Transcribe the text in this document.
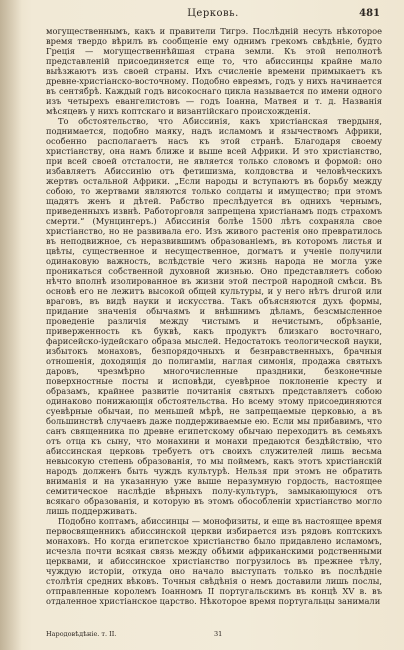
Церковь.	481

могущественнымъ, какъ и правители Тигрэ. Послѣдній несуть нѣкоторое время твердо вѣрилъ въ сообщеніе ему однимъ грекомъ свѣдѣніе, будто Греція — могущественнѣйшая страна земли. Къ этой неполнотѣ представленій присоединяется еще то, что абиссинцы крайне мало выѣзжаютъ изъ своей страны. Ихъ счисленіе времени примыкаетъ къ древне-христіанско-восточному. Подобно евреямъ, годъ у нихъ начинается въ сентябрѣ. Каждый годъ високоснаго цикла называется по имени одного изъ четырехъ евангелистовъ — годъ Іоанна, Матвея и т. д. Названія мѣсяцевъ у нихъ коптскаго и византійскаго происхожденія.

То обстоятельство, что Абиссинія, какъ христіанская твердыня, поднимается, подобно маяку, надъ исламомъ и язычествомъ Африки, особенно располагаетъ насъ къ этой странѣ. Благодаря своему христіанству, она намъ ближе и выше всей Африки. И это христіанство, при всей своей отсталости, не является только словомъ и формой: оно избавляетъ Абиссинію отъ фетишизма, колдовства и человѣческихъ жертвъ остальной Африки. „Если народы и вступаютъ въ борьбу между собою, то жертвами являются только солдаты и имущество; при этомъ щадятъ женъ и дѣтей. Рабство преслѣдуется въ однихъ чернымъ, приведенныхъ извнѣ. Работорговля запрещена христіанамъ подъ страхомъ смерти.“ (Мунцингеръ.) Абиссинія болѣе 1500 лѣтъ сохраняла свое христіанство, но не развивала его. Изъ живого растенія оно превратилось въ неподвижное, съ неразвившимъ образованіемъ, въ которомъ листья и цвѣты, существенное и несущественное, догматъ и ученіе получили одинаковую важность, вслѣдствіе чего жизнь народа не могла уже проникаться собственной духовной жизнью. Оно представляетъ собою нѣчто вполнѣ изолированное въ жизни этой пестрой народной смѣси. Въ основѣ его не лежитъ высокой общей культуры, и у него нѣтъ druгой или враговъ, въ видѣ науки и искусства. Такъ объясняются духъ формы, придание значенія обычаямъ и внѣшнимъ дѣламъ, безсмысленное проведеніе различія между чистымъ и нечистымъ, обрѣзаніе, приверженность къ буквѣ, какъ продуктъ близкаго восточнаго, фарисейско-іудейскаго образа мыслей. Недостатокъ теологической науки, избытокъ монаховъ, безпорядочныхъ и безнравственныхъ, брачныя отношенія, доходящія до полигаміи, наглая симонія, продажа святыхъ даровъ, чрезмѣрно многочисленные праздники, безконечные поверхностные посты и исповѣди, суевѣрное поклоненіе кресту и образамъ, крайнее развитіе почитанія святыхъ представляетъ собою одинаково понижающія обстоятельства. Но всему этому присоединяются суевѣрные обычаи, по меньшей мѣрѣ, не запрещаемые церковью, а въ большинствѣ случаевъ даже поддерживаемые ею. Если мы прибавимъ, что санъ священника по древне египетскому обычаю переходитъ въ семьяхъ отъ отца къ сыну, что монахини и монахи предаются бездѣйствію, что абиссинская церковь требуетъ отъ своихъ служителей лишь весьма невысокую степень образованія, то мы поймемъ, какъ этотъ христіанскій народъ долженъ быть чуждъ культурѣ. Нельзя при этомъ не обратить вниманія и на указанную уже выше неразумную гордость, настоящее семитическое наслѣдіе вѣрныхъ полу-культуръ, замыкающуюся отъ всякаго образованія, и которую въ этомъ обособленіи христіанство могло лишь поддерживать.

Подобно коптамъ, абиссинцы — монофизиты, и еще въ настоящее время первосвященникъ абиссинской церкви избирается изъ рядовъ коптскихъ монаховъ. Но когда египетское христіанство было придавлено исламомъ, исчезла почти всякая связь между обѣими африканскими родственными церквами, и абиссинское христіанство погрузилось въ прежнее тѣлу, чуждую исторіи, откуда оно начало выступать только въ послѣдніе столѣтія средних вѣковъ. Точныя свѣдѣнія о немъ доставили лишь послы, отправленные королемъ Іоанномъ II португальскимъ въ концѣ XV в. въ отдаленное христіанское царство. Нѣкоторое время португальцы занимали

Народовѣдѣніе. т. II.	31
